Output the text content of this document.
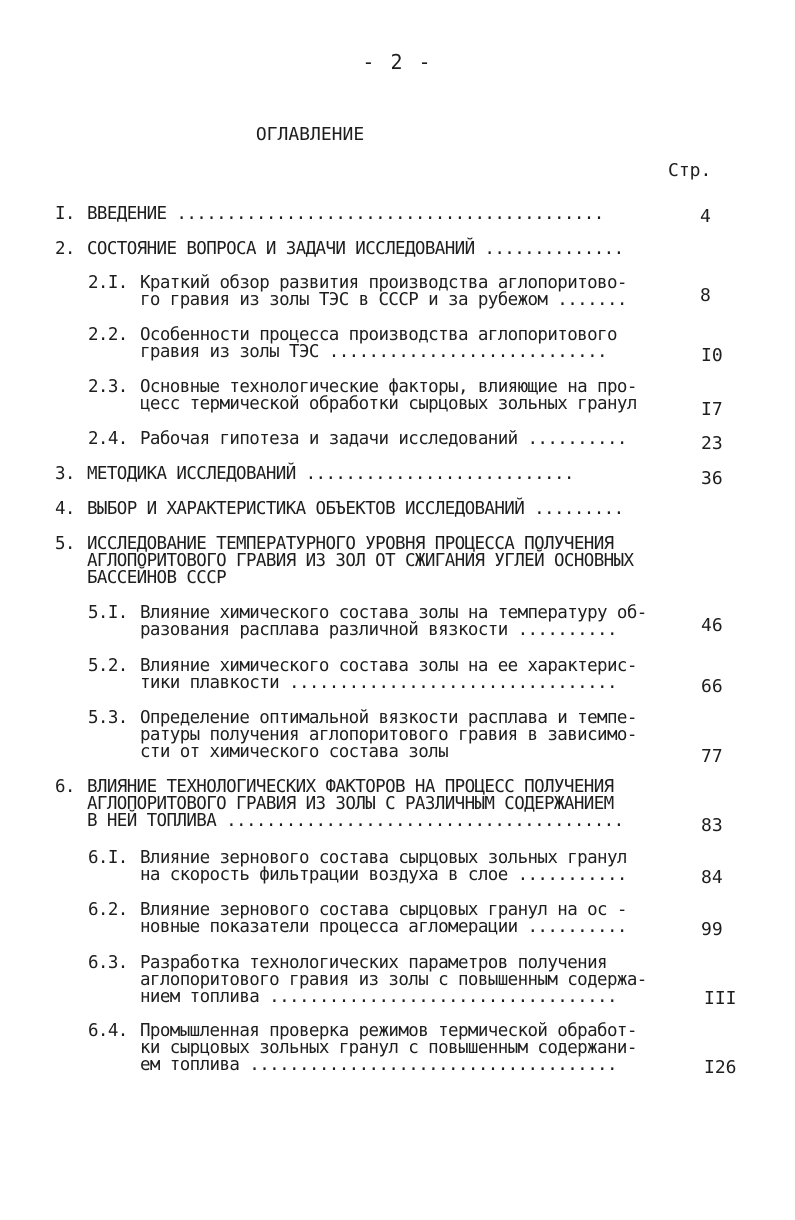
- 2 -
ОГЛАВЛЕНИЕ
Стр.
I. ВВЕДЕНИЕ ...........................................	4
2. СОСТОЯНИЕ ВОПРОСА И ЗАДАЧИ ИССЛЕДОВАНИЙ ..............
2.I. Краткий обзор развития производства аглопоритово-
го гравия из золы ТЭС в СССР и за рубежом .......	8
2.2. Особенности процесса производства аглопоритового
гравия из золы ТЭС ............................	I0
2.3. Основные технологические факторы, влияющие на про-
цесс термической обработки сырцовых зольных гранул	I7
2.4. Рабочая гипотеза и задачи исследований ..........	23
3. МЕТОДИКА ИССЛЕДОВАНИЙ ...........................	36
4. ВЫБОР И ХАРАКТЕРИСТИКА ОБЪЕКТОВ ИССЛЕДОВАНИЙ .........
5. ИССЛЕДОВАНИЕ ТЕМПЕРАТУРНОГО УРОВНЯ ПРОЦЕССА ПОЛУЧЕНИЯ
АГЛОПОРИТОВОГО ГРАВИЯ ИЗ ЗОЛ ОТ СЖИГАНИЯ УГЛЕЙ ОСНОВНЫХ
БАССЕЙНОВ СССР
5.I. Влияние химического состава золы на температуру об-
разования расплава различной вязкости ..........	46
5.2. Влияние химического состава золы на ее характерис-
тики плавкости .................................	66
5.3. Определение оптимальной вязкости расплава и темпе-
ратуры получения аглопоритового гравия в зависимо-
сти от химического состава золы	77
6. ВЛИЯНИЕ ТЕХНОЛОГИЧЕСКИХ ФАКТОРОВ НА ПРОЦЕСС ПОЛУЧЕНИЯ
АГЛОПОРИТОВОГО ГРАВИЯ ИЗ ЗОЛЫ С РАЗЛИЧНЫМ СОДЕРЖАНИЕМ
В НЕЙ ТОПЛИВА ........................................	83
6.I. Влияние зернового состава сырцовых зольных гранул
на скорость фильтрации воздуха в слое ...........	84
6.2. Влияние зернового состава сырцовых гранул на ос -
новные показатели процесса агломерации ..........	99
6.3. Разработка технологических параметров получения
аглопоритового гравия из золы с повышенным содержа-
нием топлива ...................................	III
6.4. Промышленная проверка режимов термической обработ-
ки сырцовых зольных гранул с повышенным содержани-
ем топлива .....................................	I26
